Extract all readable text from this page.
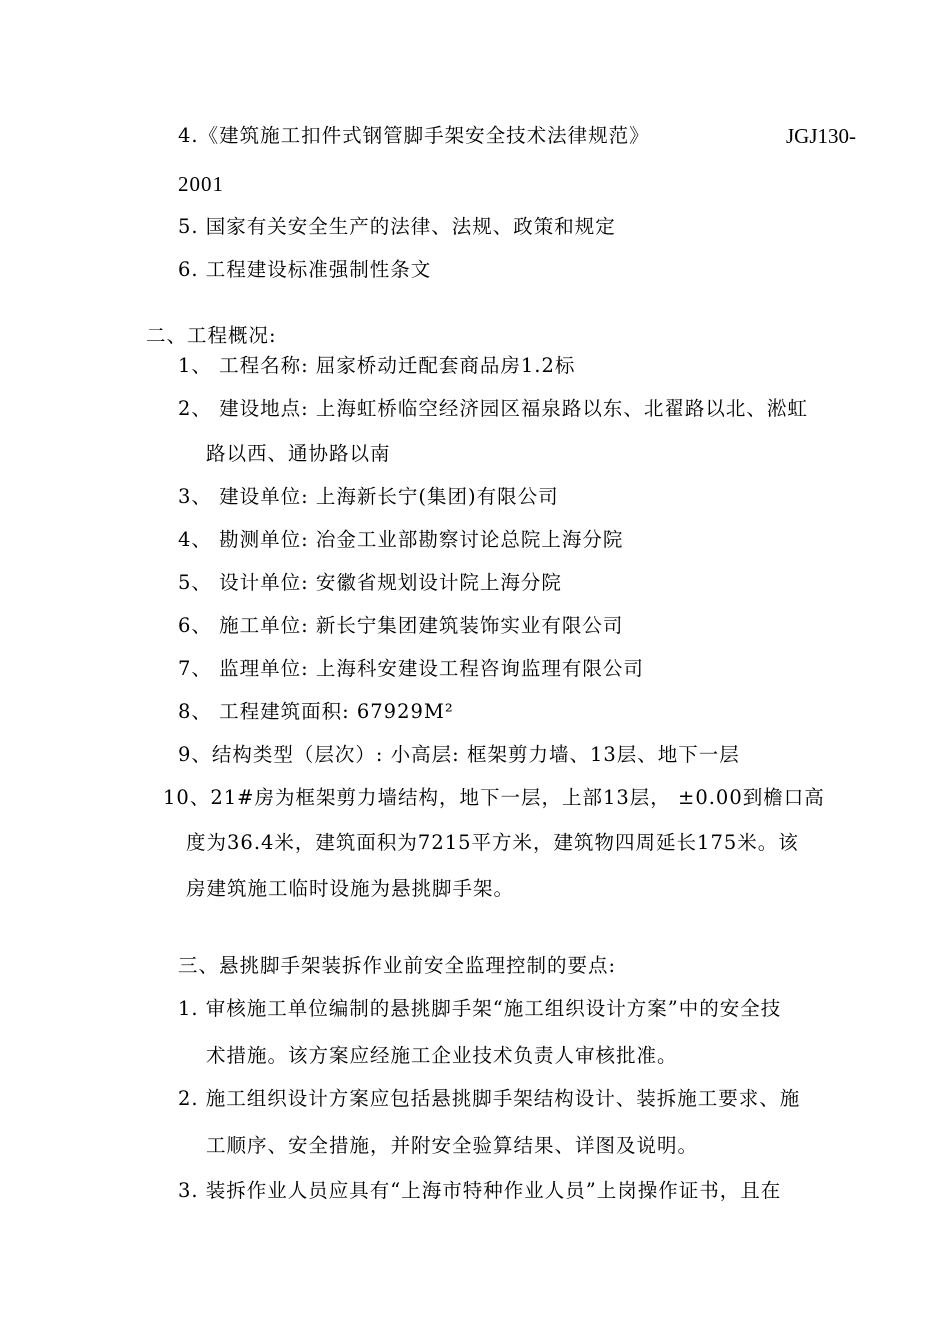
4.《建筑施工扣件式钢管脚手架安全技术法律规范》	JGJ130-
2001
5. 国家有关安全生产的法律、法规、政策和规定
6. 工程建设标准强制性条文
二、工程概况:
1、 工程名称: 屈家桥动迁配套商品房1.2标
2、 建设地点: 上海虹桥临空经济园区福泉路以东、北翟路以北、淞虹
路以西、通协路以南
3、 建设单位: 上海新长宁(集团)有限公司
4、 勘测单位: 冶金工业部勘察讨论总院上海分院
5、 设计单位: 安徽省规划设计院上海分院
6、 施工单位: 新长宁集团建筑装饰实业有限公司
7、 监理单位: 上海科安建设工程咨询监理有限公司
8、 工程建筑面积: 67929M²
9、结构类型（层次）: 小高层: 框架剪力墙、13层、地下一层
10、21#房为框架剪力墙结构，地下一层，上部13层， ±0.00到檐口高
度为36.4米，建筑面积为7215平方米，建筑物四周延长175米。该
房建筑施工临时设施为悬挑脚手架。
三、悬挑脚手架装拆作业前安全监理控制的要点:
1. 审核施工单位编制的悬挑脚手架“施工组织设计方案”中的安全技
术措施。该方案应经施工企业技术负责人审核批准。
2. 施工组织设计方案应包括悬挑脚手架结构设计、装拆施工要求、施
工顺序、安全措施，并附安全验算结果、详图及说明。
3. 装拆作业人员应具有“上海市特种作业人员”上岗操作证书，且在
